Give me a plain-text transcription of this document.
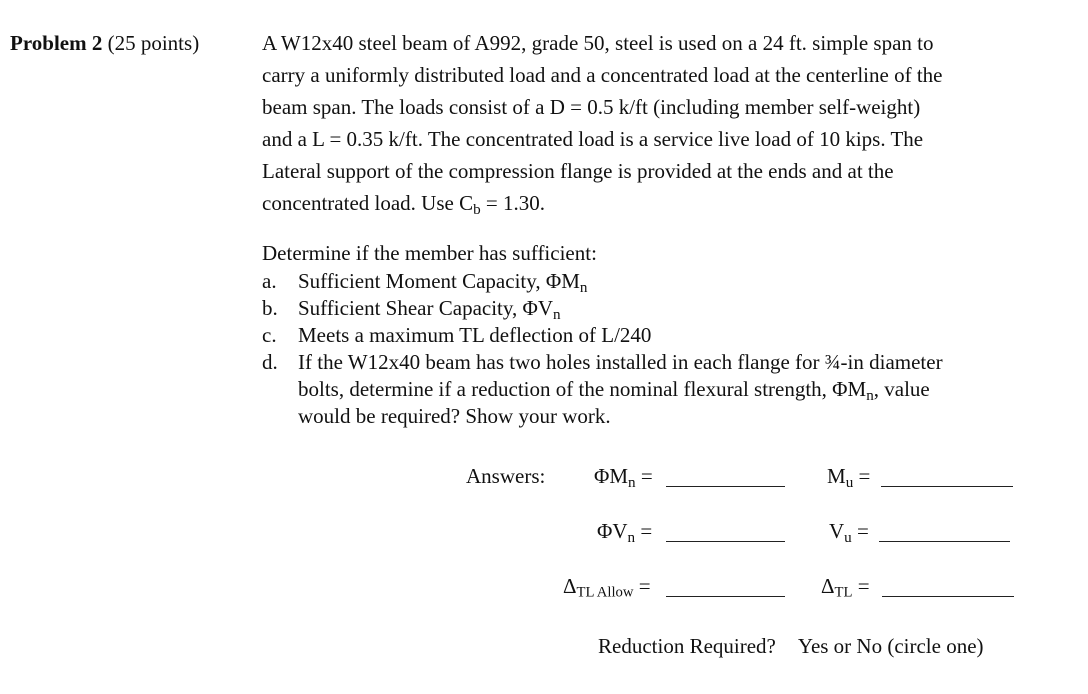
Problem 2 (25 points)	A W12x40 steel beam of A992, grade 50, steel is used on a 24 ft. simple span to
carry a uniformly distributed load and a concentrated load at the centerline of the
beam span. The loads consist of a D = 0.5 k/ft (including member self-weight)
and a L = 0.35 k/ft. The concentrated load is a service live load of 10 kips. The
Lateral support of the compression flange is provided at the ends and at the
concentrated load. Use $C_b = 1.30$.
Determine if the member has sufficient:
a. Sufficient Moment Capacity, $\Phi M_n$
b. Sufficient Shear Capacity, $\Phi V_n$
c. Meets a maximum TL deflection of L/240
d. If the W12x40 beam has two holes installed in each flange for ¾-in diameter
bolts, determine if a reduction of the nominal flexural strength, $\Phi M_n$, value
would be required? Show your work.
Answers: $\Phi M_n$ =	$M_u$ =
$\Phi V_n$ =	$V_u$ =
$\Delta_{TL Allow}$ =	$\Delta_{TL}$ =
Reduction Required? Yes or No (circle one)
